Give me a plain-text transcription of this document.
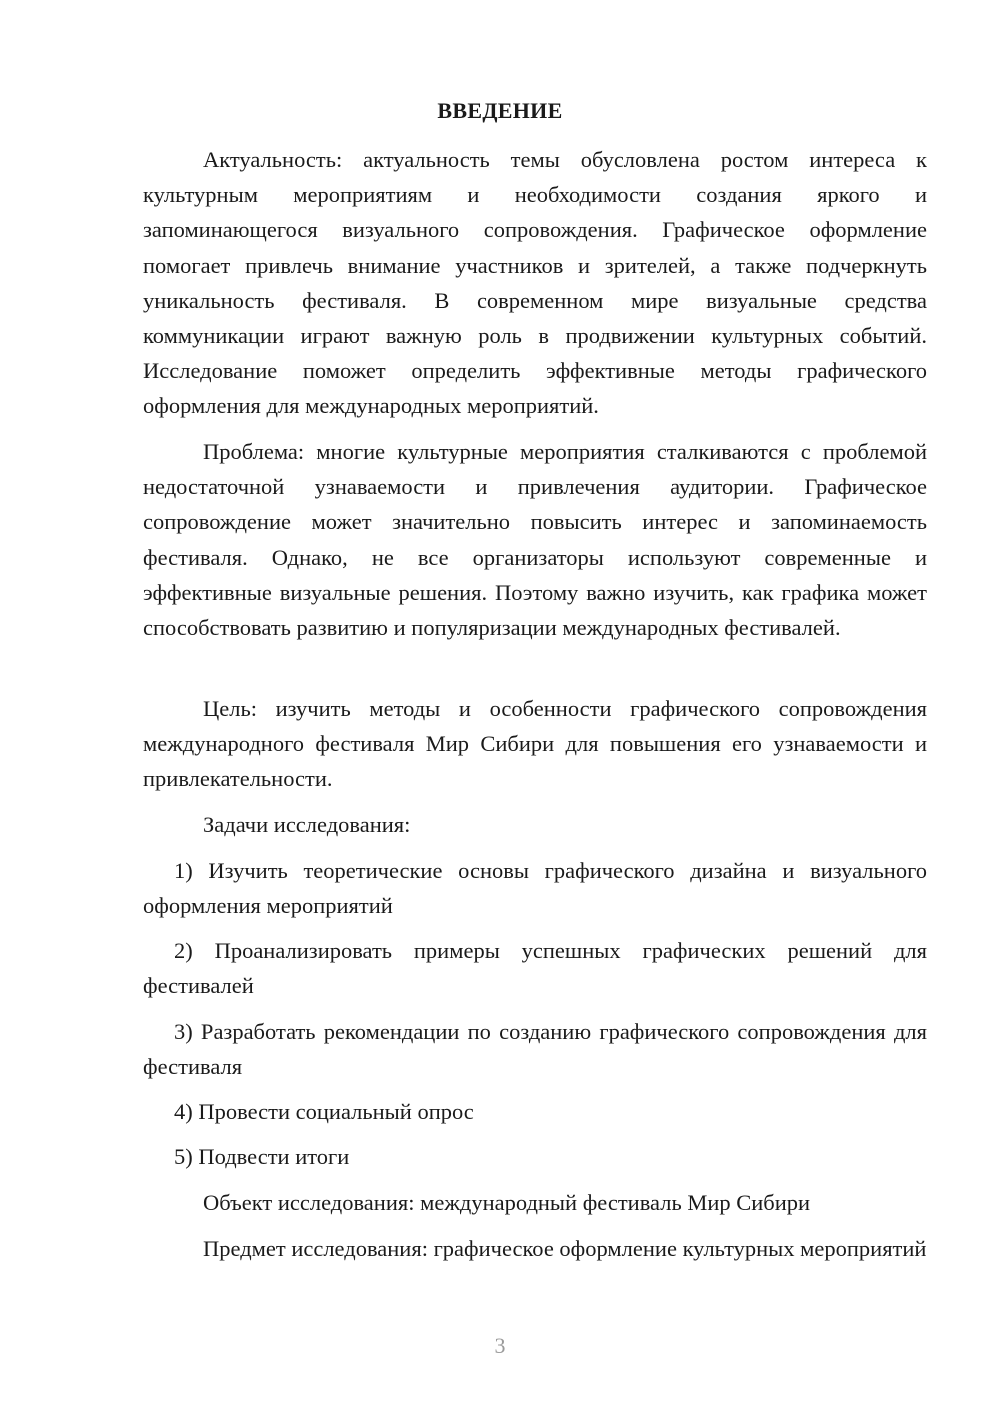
ВВЕДЕНИЕ

Актуальность: актуальность темы обусловлена ростом интереса к культурным мероприятиям и необходимости создания яркого и запоминающегося визуального сопровождения. Графическое оформление помогает привлечь внимание участников и зрителей, а также подчеркнуть уникальность фестиваля. В современном мире визуальные средства коммуникации играют важную роль в продвижении культурных событий. Исследование поможет определить эффективные методы графического оформления для международных мероприятий.

Проблема: многие культурные мероприятия сталкиваются с проблемой недостаточной узнаваемости и привлечения аудитории. Графическое сопровождение может значительно повысить интерес и запоминаемость фестиваля. Однако, не все организаторы используют современные и эффективные визуальные решения. Поэтому важно изучить, как графика может способствовать развитию и популяризации международных фестивалей.

Цель: изучить методы и особенности графического сопровождения международного фестиваля Мир Сибири для повышения его узнаваемости и привлекательности.

Задачи исследования:

1) Изучить теоретические основы графического дизайна и визуального оформления мероприятий

2) Проанализировать примеры успешных графических решений для фестивалей

3) Разработать рекомендации по созданию графического сопровождения для фестиваля

4) Провести социальный опрос

5) Подвести итоги

Объект исследования: международный фестиваль Мир Сибири

Предмет исследования: графическое оформление культурных мероприятий

3
